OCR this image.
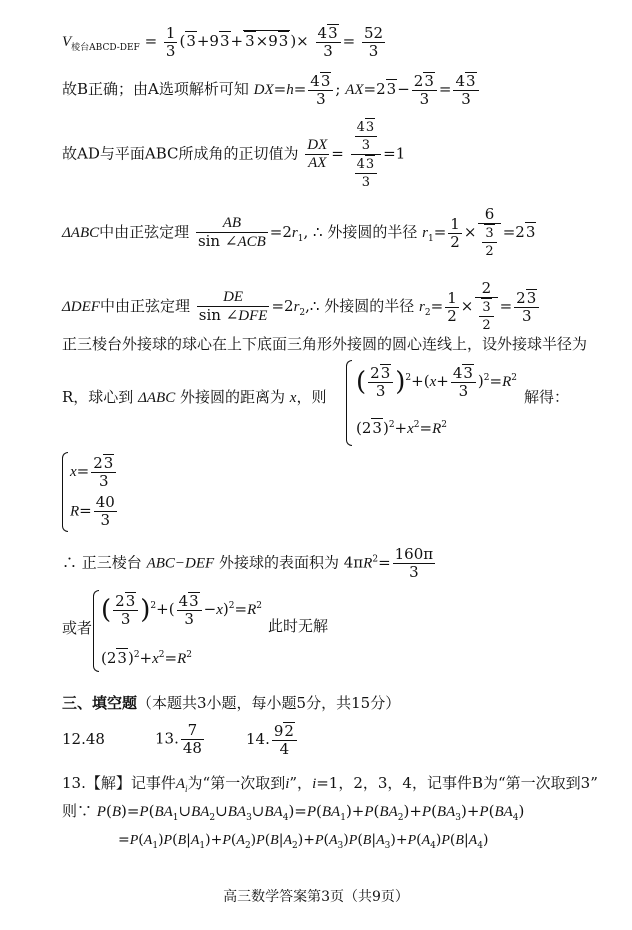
$V_{棱台ABCD-DEF} = \frac{1}{3} (3+93+ 3\times 93$ )× $\frac{43}{3} = \frac{52}{3}$
故B正确；由A选项解析可知 $DX=h= \frac{43}{3}$ ; $AX=23- \frac{23}{3} = \frac{43}{3}$
故AD与平面ABC所成角的正切值为 $\frac{DX}{AX} = \frac{\frac{43}{3}}{\frac{43}{3}} =1$
ΔABC中由正弦定理 $\frac{AB}{\text{sin ∠ACB}} =2r_1$, ∴ 外接圆的半径 $r_1= \frac{1}{2} \times \frac{6}{\frac{3}{2}} =23$
ΔDEF中由正弦定理 $\frac{DE}{\text{sin ∠DFE}}$ $=2r_2,\therefore$ 外接圆的半径 $r_2= \frac{1}{2} \times \frac{2}{\frac{3}{2}} = \frac{23}{3}$
正三棱台外接球的球心在上下底面三角形外接圆的圆心连线上，设外接球半径为
R，球心到 ΔABC 外接圆的距离为 x，则 ( $\frac{23}{3} )^2+(x+ \frac{43}{3} )^2=R^2$
解得：
$(23)^2+x^2=R^2$
$x= \frac{23}{3}$
$R= \frac{40}{3}$
∴ 正三棱台 ABC−DEF 外接球的表面积为 $4\pi R^2= \frac{160\pi}{3}$
或者
( $\frac{23}{3} )^2+( \frac{43}{3} -x)^2=R^2$
此时无解
$(23)^2+x^2=R^2$
三、填空题（本题共3小题，每小题5分，共15分）
12.48	13. $\frac{7}{48}$	14. $\frac{92}{4}$
13.【解】记事件$A_i$为“第一次取到i”，i=1，2，3，4，记事件B为“第一次取到3”
则∵ $P(B)=P(BA_1\cup BA_2\cup BA_3\cup BA_4)=P(BA_1)+P(BA_2)+P(BA_3)+P(BA_4)$
$=P(A_1)P(B|A_1)+P(A_2)P(B|A_2)+P(A_3)P(B|A_3)+P(A_4)P(B|A_4)$
高三数学答案第3页（共9页）
